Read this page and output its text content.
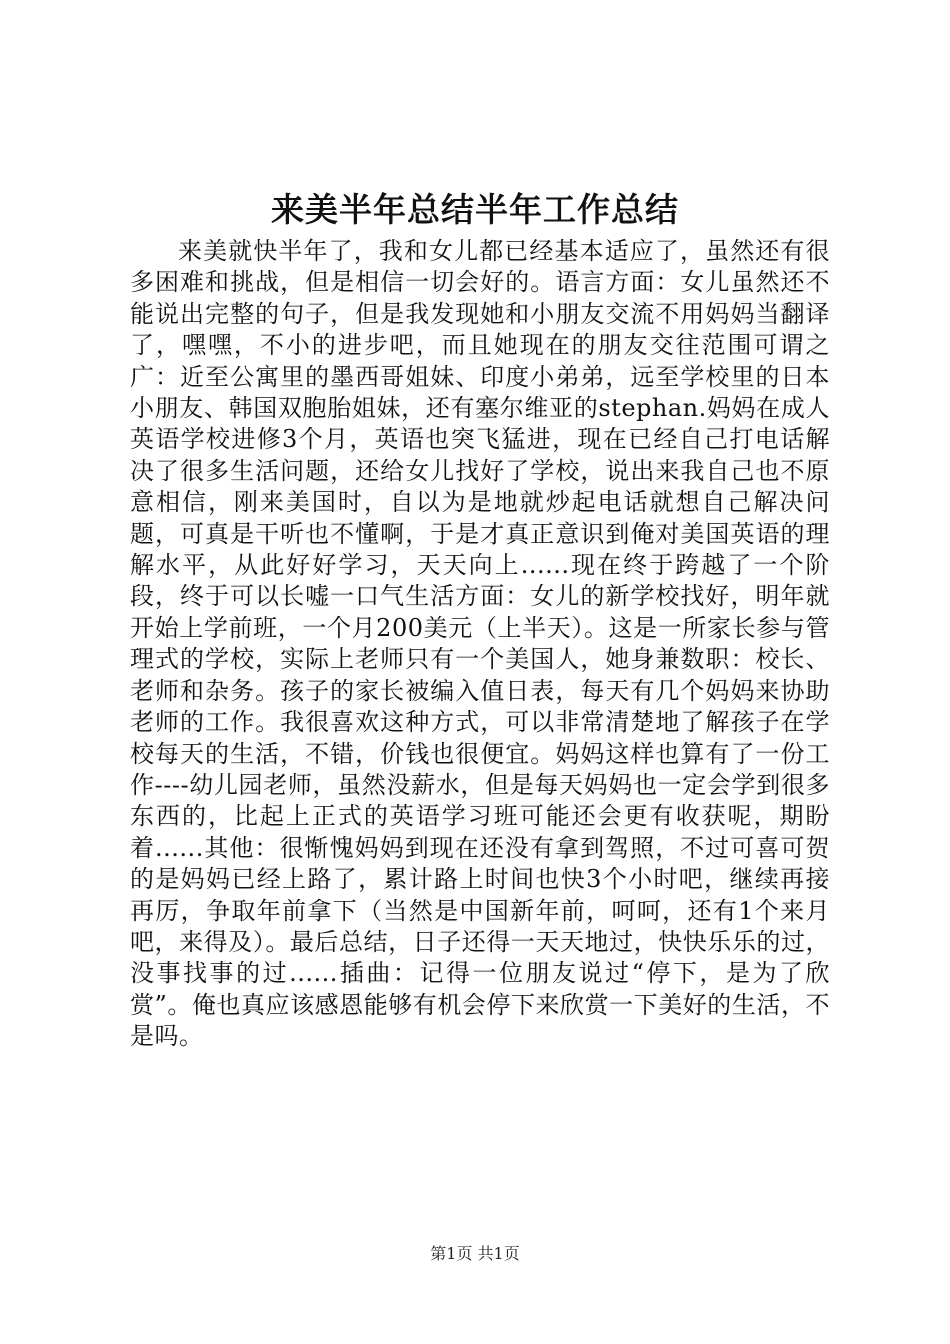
来美半年总结半年工作总结

来美就快半年了，我和女儿都已经基本适应了，虽然还有很多困难和挑战，但是相信一切会好的。语言方面：女儿虽然还不能说出完整的句子，但是我发现她和小朋友交流不用妈妈当翻译了，嘿嘿，不小的进步吧，而且她现在的朋友交往范围可谓之广：近至公寓里的墨西哥姐妹、印度小弟弟，远至学校里的日本小朋友、韩国双胞胎姐妹，还有塞尔维亚的stephan.妈妈在成人英语学校进修3个月，英语也突飞猛进，现在已经自己打电话解决了很多生活问题，还给女儿找好了学校，说出来我自己也不原意相信，刚来美国时，自以为是地就炒起电话就想自己解决问题，可真是干听也不懂啊，于是才真正意识到俺对美国英语的理解水平，从此好好学习，天天向上......现在终于跨越了一个阶段，终于可以长嘘一口气生活方面：女儿的新学校找好，明年就开始上学前班，一个月200美元（上半天）。这是一所家长参与管理式的学校，实际上老师只有一个美国人，她身兼数职：校长、老师和杂务。孩子的家长被编入值日表，每天有几个妈妈来协助老师的工作。我很喜欢这种方式，可以非常清楚地了解孩子在学校每天的生活，不错，价钱也很便宜。妈妈这样也算有了一份工作----幼儿园老师，虽然没薪水，但是每天妈妈也一定会学到很多东西的，比起上正式的英语学习班可能还会更有收获呢，期盼着......其他：很惭愧妈妈到现在还没有拿到驾照，不过可喜可贺的是妈妈已经上路了，累计路上时间也快3个小时吧，继续再接再厉，争取年前拿下（当然是中国新年前，呵呵，还有1个来月吧，来得及）。最后总结，日子还得一天天地过，快快乐乐的过，没事找事的过......插曲：记得一位朋友说过“停下，是为了欣赏”。俺也真应该感恩能够有机会停下来欣赏一下美好的生活，不是吗。

第1页 共1页
